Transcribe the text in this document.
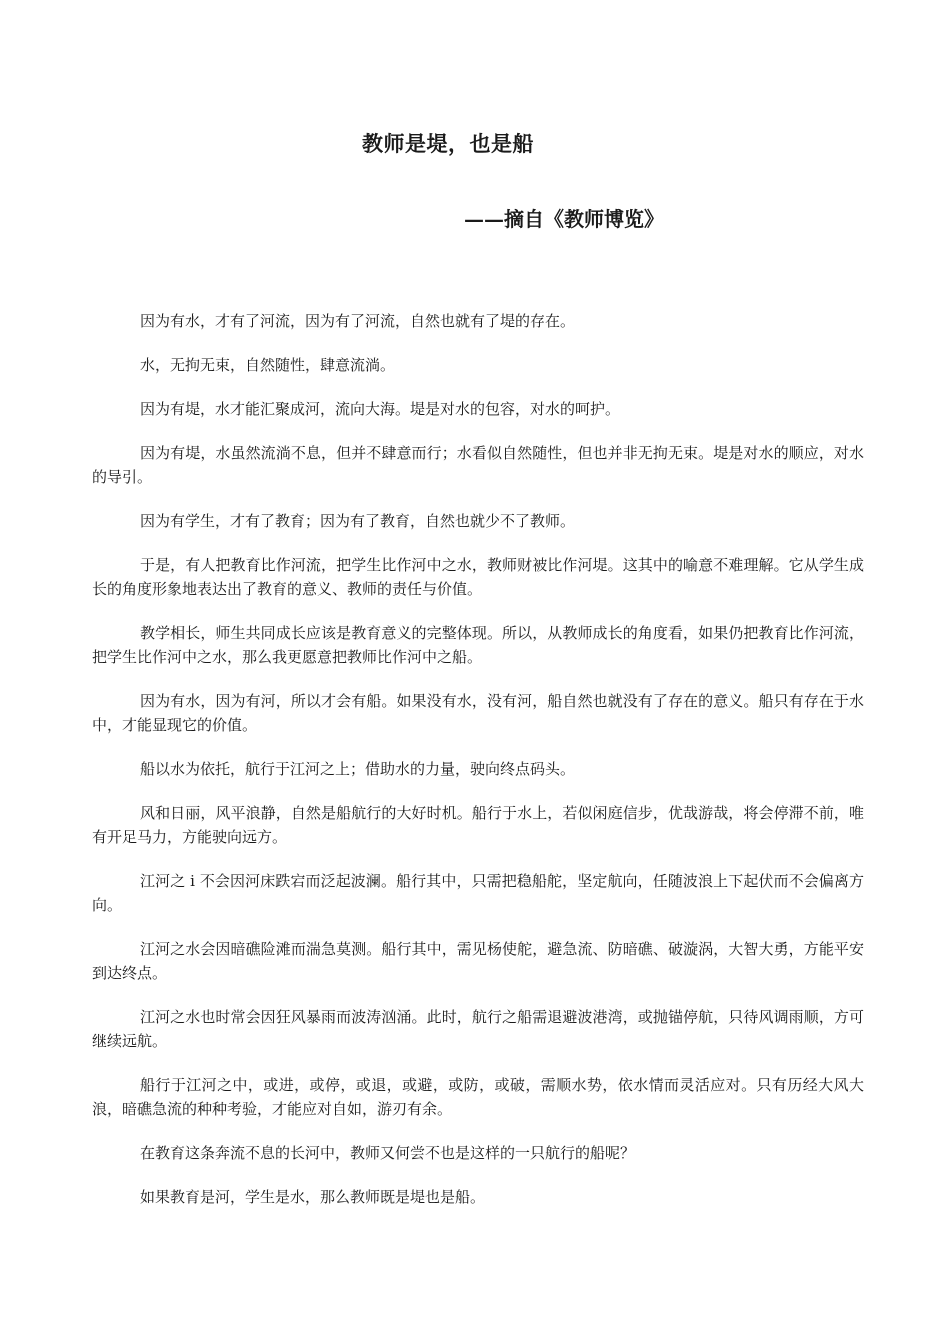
教师是堤，也是船

——摘自《教师博览》

因为有水，才有了河流，因为有了河流，自然也就有了堤的存在。

水，无拘无束，自然随性，肆意流淌。

因为有堤，水才能汇聚成河，流向大海。堤是对水的包容，对水的呵护。

因为有堤，水虽然流淌不息，但并不肆意而行；水看似自然随性，但也并非无拘无束。堤是对水的顺应，对水的导引。

因为有学生，才有了教育；因为有了教育，自然也就少不了教师。

于是，有人把教育比作河流，把学生比作河中之水，教师财被比作河堤。这其中的喻意不难理解。它从学生成长的角度形象地表达出了教育的意义、教师的责任与价值。

教学相长，师生共同成长应该是教育意义的完整体现。所以，从教师成长的角度看，如果仍把教育比作河流，把学生比作河中之水，那么我更愿意把教师比作河中之船。

因为有水，因为有河，所以才会有船。如果没有水，没有河，船自然也就没有了存在的意义。船只有存在于水中，才能显现它的价值。

船以水为依托，航行于江河之上；借助水的力量，驶向终点码头。

风和日丽，风平浪静，自然是船航行的大好时机。船行于水上，若似闲庭信步，优哉游哉，将会停滞不前，唯有开足马力，方能驶向远方。

江河之 i 不会因河床跌宕而泛起波澜。船行其中，只需把稳船舵，坚定航向，任随波浪上下起伏而不会偏离方向。

江河之水会因暗礁险滩而湍急莫测。船行其中，需见杨使舵，避急流、防暗礁、破漩涡，大智大勇，方能平安到达终点。

江河之水也时常会因狂风暴雨而波涛汹涌。此时，航行之船需退避波港湾，或抛锚停航，只待风调雨顺，方可继续远航。

船行于江河之中，或进，或停，或退，或避，或防，或破，需顺水势，依水情而灵活应对。只有历经大风大浪，暗礁急流的种种考验，才能应对自如，游刃有余。

在教育这条奔流不息的长河中，教师又何尝不也是这样的一只航行的船呢？

如果教育是河，学生是水，那么教师既是堤也是船。
